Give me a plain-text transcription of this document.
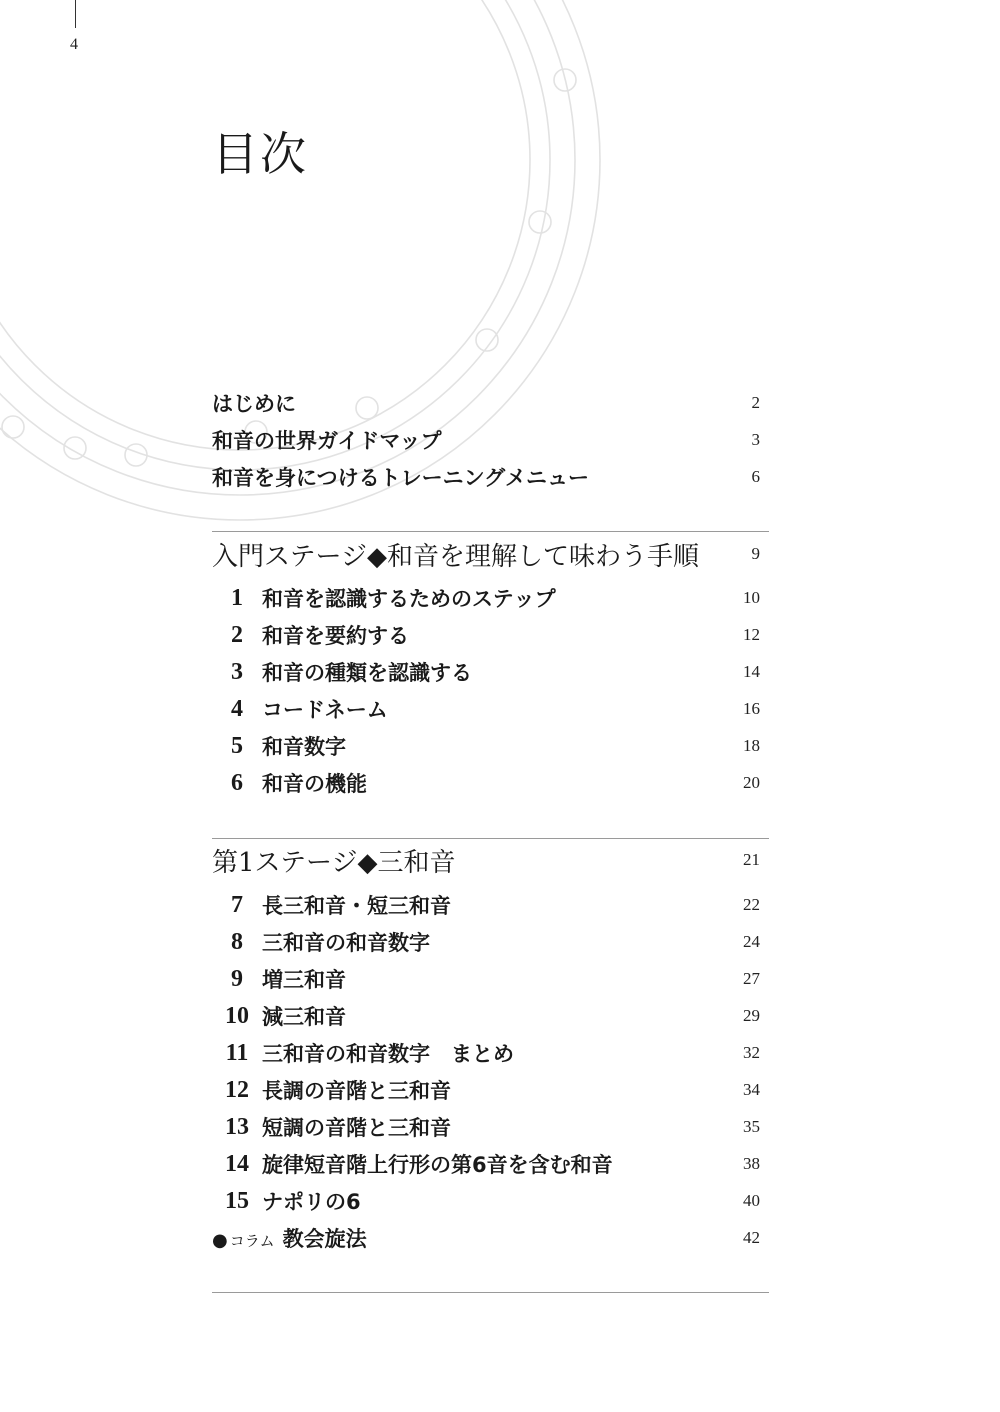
4
目次
はじめに	2
和音の世界ガイドマップ	3
和音を身につけるトレーニングメニュー	6
入門ステージ◆和音を理解して味わう手順	9
1 和音を認識するためのステップ	10
2 和音を要約する	12
3 和音の種類を認識する	14
4 コードネーム	16
5 和音数字	18
6 和音の機能	20
第1ステージ◆三和音	21
7 長三和音・短三和音	22
8 三和音の和音数字	24
9 増三和音	27
10 減三和音	29
11 三和音の和音数字　まとめ	32
12 長調の音階と三和音	34
13 短調の音階と三和音	35
14 旋律短音階上行形の第6音を含む和音	38
15 ナポリの6	40
● コラム 教会旋法	42
